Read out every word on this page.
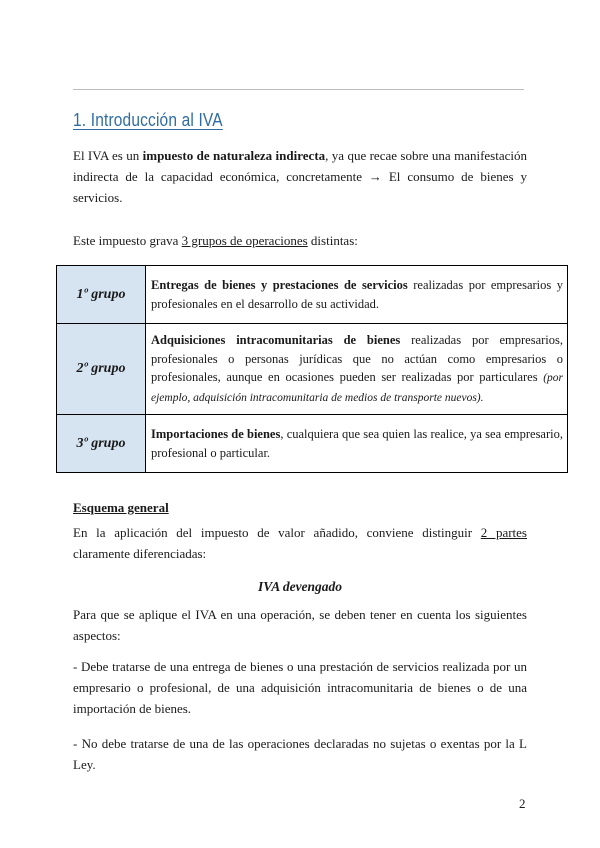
1. Introducción al IVA
El IVA es un impuesto de naturaleza indirecta, ya que recae sobre una manifestación indirecta de la capacidad económica, concretamente → El consumo de bienes y servicios.
Este impuesto grava 3 grupos de operaciones distintas:
1º grupo	Entregas de bienes y prestaciones de servicios realizadas por empresarios y profesionales en el desarrollo de su actividad.
2º grupo	Adquisiciones intracomunitarias de bienes realizadas por empresarios, profesionales o personas jurídicas que no actúan como empresarios o profesionales, aunque en ocasiones pueden ser realizadas por particulares (por ejemplo, adquisición intracomunitaria de medios de transporte nuevos).
3º grupo	Importaciones de bienes, cualquiera que sea quien las realice, ya sea empresario, profesional o particular.
Esquema general
En la aplicación del impuesto de valor añadido, conviene distinguir 2 partes claramente diferenciadas:
IVA devengado
Para que se aplique el IVA en una operación, se deben tener en cuenta los siguientes aspectos:
- Debe tratarse de una entrega de bienes o una prestación de servicios realizada por un empresario o profesional, de una adquisición intracomunitaria de bienes o de una importación de bienes.
- No debe tratarse de una de las operaciones declaradas no sujetas o exentas por la L Ley.
2
